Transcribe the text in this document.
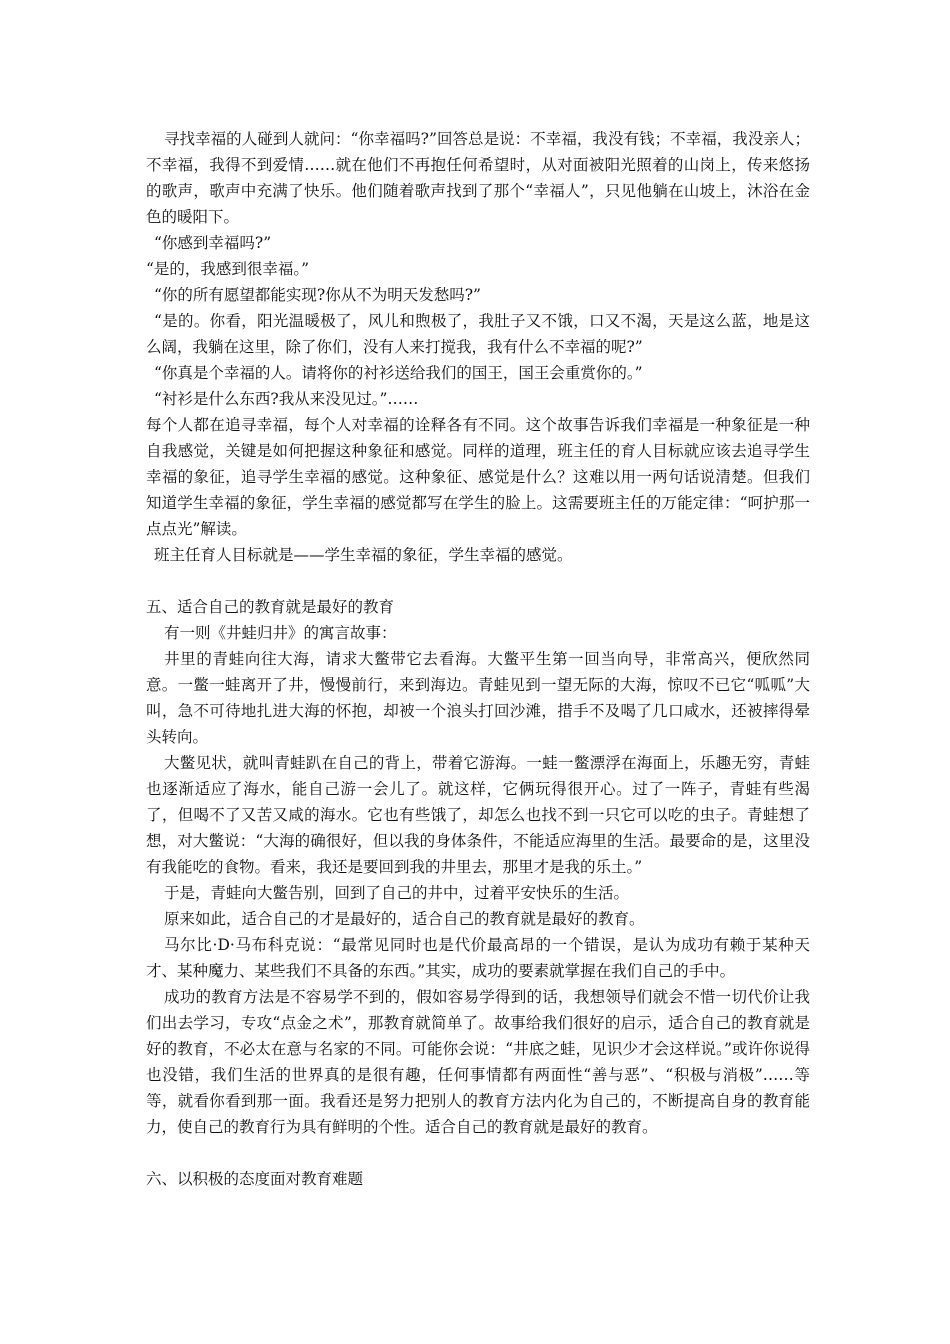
寻找幸福的人碰到人就问：“你幸福吗?”回答总是说：不幸福，我没有钱；不幸福，我没亲人；不幸福，我得不到爱情……就在他们不再抱任何希望时，从对面被阳光照着的山岗上，传来悠扬的歌声，歌声中充满了快乐。他们随着歌声找到了那个“幸福人”，只见他躺在山坡上，沐浴在金色的暖阳下。

“你感到幸福吗?”

“是的，我感到很幸福。”

“你的所有愿望都能实现?你从不为明天发愁吗?”

“是的。你看，阳光温暖极了，风儿和煦极了，我肚子又不饿，口又不渴，天是这么蓝，地是这么阔，我躺在这里，除了你们，没有人来打搅我，我有什么不幸福的呢?”

“你真是个幸福的人。请将你的衬衫送给我们的国王，国王会重赏你的。”

“衬衫是什么东西?我从来没见过。”……

每个人都在追寻幸福，每个人对幸福的诠释各有不同。这个故事告诉我们幸福是一种象征是一种自我感觉，关键是如何把握这种象征和感觉。同样的道理，班主任的育人目标就应该去追寻学生幸福的象征，追寻学生幸福的感觉。这种象征、感觉是什么？这难以用一两句话说清楚。但我们知道学生幸福的象征，学生幸福的感觉都写在学生的脸上。这需要班主任的万能定律：“呵护那一点点光”解读。

班主任育人目标就是——学生幸福的象征，学生幸福的感觉。

五、适合自己的教育就是最好的教育

有一则《井蛙归井》的寓言故事：

井里的青蛙向往大海，请求大鳖带它去看海。大鳖平生第一回当向导，非常高兴，便欣然同意。一鳖一蛙离开了井，慢慢前行，来到海边。青蛙见到一望无际的大海，惊叹不已它“呱呱”大叫，急不可待地扎进大海的怀抱，却被一个浪头打回沙滩，措手不及喝了几口咸水，还被摔得晕头转向。

大鳖见状，就叫青蛙趴在自己的背上，带着它游海。一蛙一鳖漂浮在海面上，乐趣无穷，青蛙也逐渐适应了海水，能自己游一会儿了。就这样，它俩玩得很开心。过了一阵子，青蛙有些渴了，但喝不了又苦又咸的海水。它也有些饿了，却怎么也找不到一只它可以吃的虫子。青蛙想了想，对大鳖说：“大海的确很好，但以我的身体条件，不能适应海里的生活。最要命的是，这里没有我能吃的食物。看来，我还是要回到我的井里去，那里才是我的乐土。”

于是，青蛙向大鳖告别，回到了自己的井中，过着平安快乐的生活。

原来如此，适合自己的才是最好的，适合自己的教育就是最好的教育。

马尔比·D·马布科克说：“最常见同时也是代价最高昂的一个错误，是认为成功有赖于某种天才、某种魔力、某些我们不具备的东西。”其实，成功的要素就掌握在我们自己的手中。

成功的教育方法是不容易学不到的，假如容易学得到的话，我想领导们就会不惜一切代价让我们出去学习，专攻“点金之术”，那教育就简单了。故事给我们很好的启示，适合自己的教育就是好的教育，不必太在意与名家的不同。可能你会说：“井底之蛙，见识少才会这样说。”或许你说得也没错，我们生活的世界真的是很有趣，任何事情都有两面性“善与恶”、“积极与消极”……等等，就看你看到那一面。我看还是努力把别人的教育方法内化为自己的，不断提高自身的教育能力，使自己的教育行为具有鲜明的个性。适合自己的教育就是最好的教育。

六、以积极的态度面对教育难题
